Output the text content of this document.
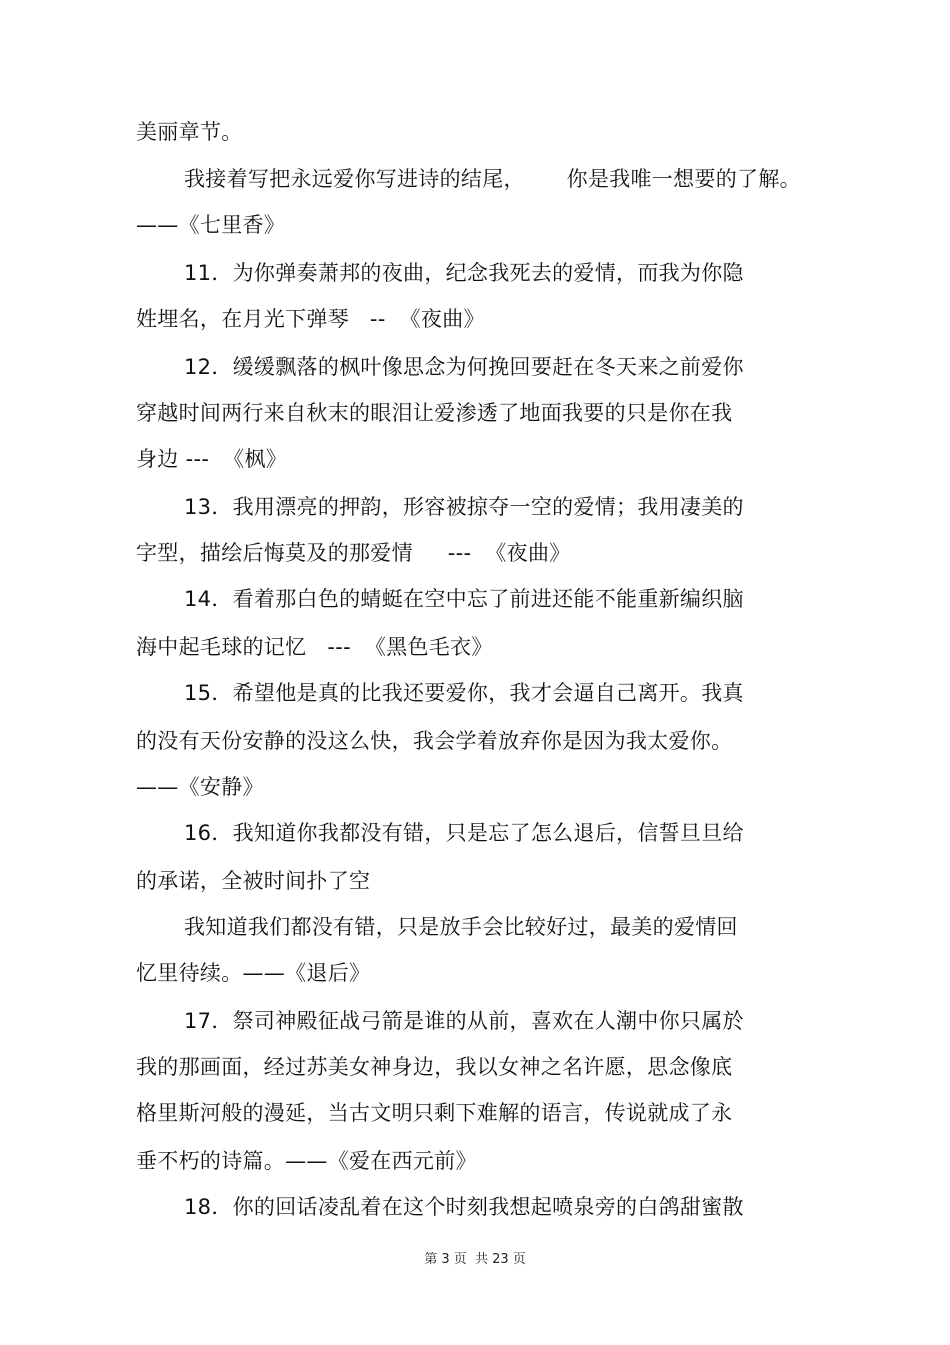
美丽章节。
我接着写把永远爱你写进诗的结尾，      你是我唯一想要的了解。
——《七里香》
11．为你弹奏萧邦的夜曲，纪念我死去的爱情，而我为你隐
姓埋名，在月光下弹琴   --  《夜曲》
12．缓缓飘落的枫叶像思念为何挽回要赶在冬天来之前爱你
穿越时间两行来自秋末的眼泪让爱渗透了地面我要的只是你在我
身边 ---  《枫》
13．我用漂亮的押韵，形容被掠夺一空的爱情；我用凄美的
字型，描绘后悔莫及的那爱情     ---  《夜曲》
14．看着那白色的蜻蜓在空中忘了前进还能不能重新编织脑
海中起毛球的记忆   ---  《黑色毛衣》
15．希望他是真的比我还要爱你，我才会逼自己离开。我真
的没有天份安静的没这么快，我会学着放弃你是因为我太爱你。
——《安静》
16．我知道你我都没有错，只是忘了怎么退后，信誓旦旦给
的承诺，全被时间扑了空
我知道我们都没有错，只是放手会比较好过，最美的爱情回
忆里待续。——《退后》
17．祭司神殿征战弓箭是谁的从前，喜欢在人潮中你只属於
我的那画面，经过苏美女神身边，我以女神之名许愿，思念像底
格里斯河般的漫延，当古文明只剩下难解的语言，传说就成了永
垂不朽的诗篇。——《爱在西元前》
18．你的回话凌乱着在这个时刻我想起喷泉旁的白鸽甜蜜散
第 3 页  共 23 页
